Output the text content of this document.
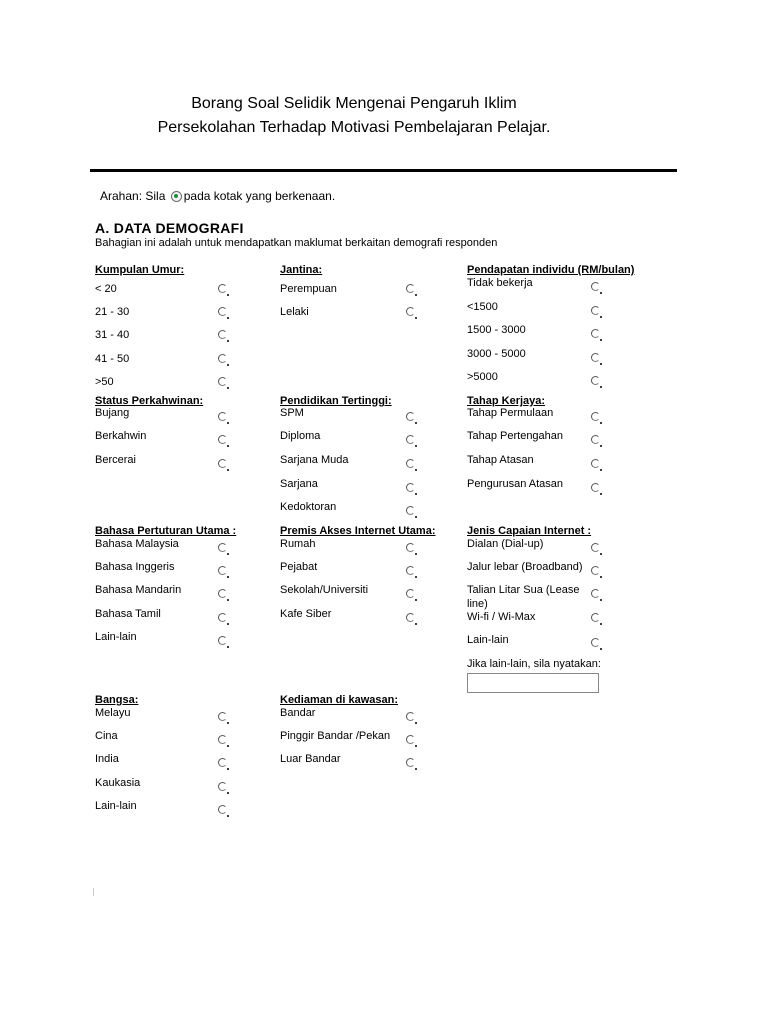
Borang Soal Selidik Mengenai Pengaruh Iklim
Persekolahan Terhadap Motivasi Pembelajaran Pelajar.
Arahan: Sila pada kotak yang berkenaan.
A. DATA DEMOGRAFI
Bahagian ini adalah untuk mendapatkan maklumat berkaitan demografi responden
Kumpulan Umur:
< 20
21 - 30
31 - 40
41 - 50
>50
Jantina:
Perempuan
Lelaki
Pendapatan individu (RM/bulan)
Tidak bekerja
<1500
1500 - 3000
3000 - 5000
>5000
Status Perkahwinan:
Bujang
Berkahwin
Bercerai
Pendidikan Tertinggi:
SPM
Diploma
Sarjana Muda
Sarjana
Kedoktoran
Tahap Kerjaya:
Tahap Permulaan
Tahap Pertengahan
Tahap Atasan
Pengurusan Atasan
Bahasa Pertuturan Utama :
Bahasa Malaysia
Bahasa Inggeris
Bahasa Mandarin
Bahasa Tamil
Lain-lain
Premis Akses Internet Utama:
Rumah
Pejabat
Sekolah/Universiti
Kafe Siber
Jenis Capaian Internet :
Dialan (Dial-up)
Jalur lebar (Broadband)
Talian Litar Sua (Lease
line)
Wi-fi / Wi-Max
Lain-lain
Jika lain-lain, sila nyatakan:
Bangsa:
Melayu
Cina
India
Kaukasia
Lain-lain
Kediaman di kawasan:
Bandar
Pinggir Bandar /Pekan
Luar Bandar
